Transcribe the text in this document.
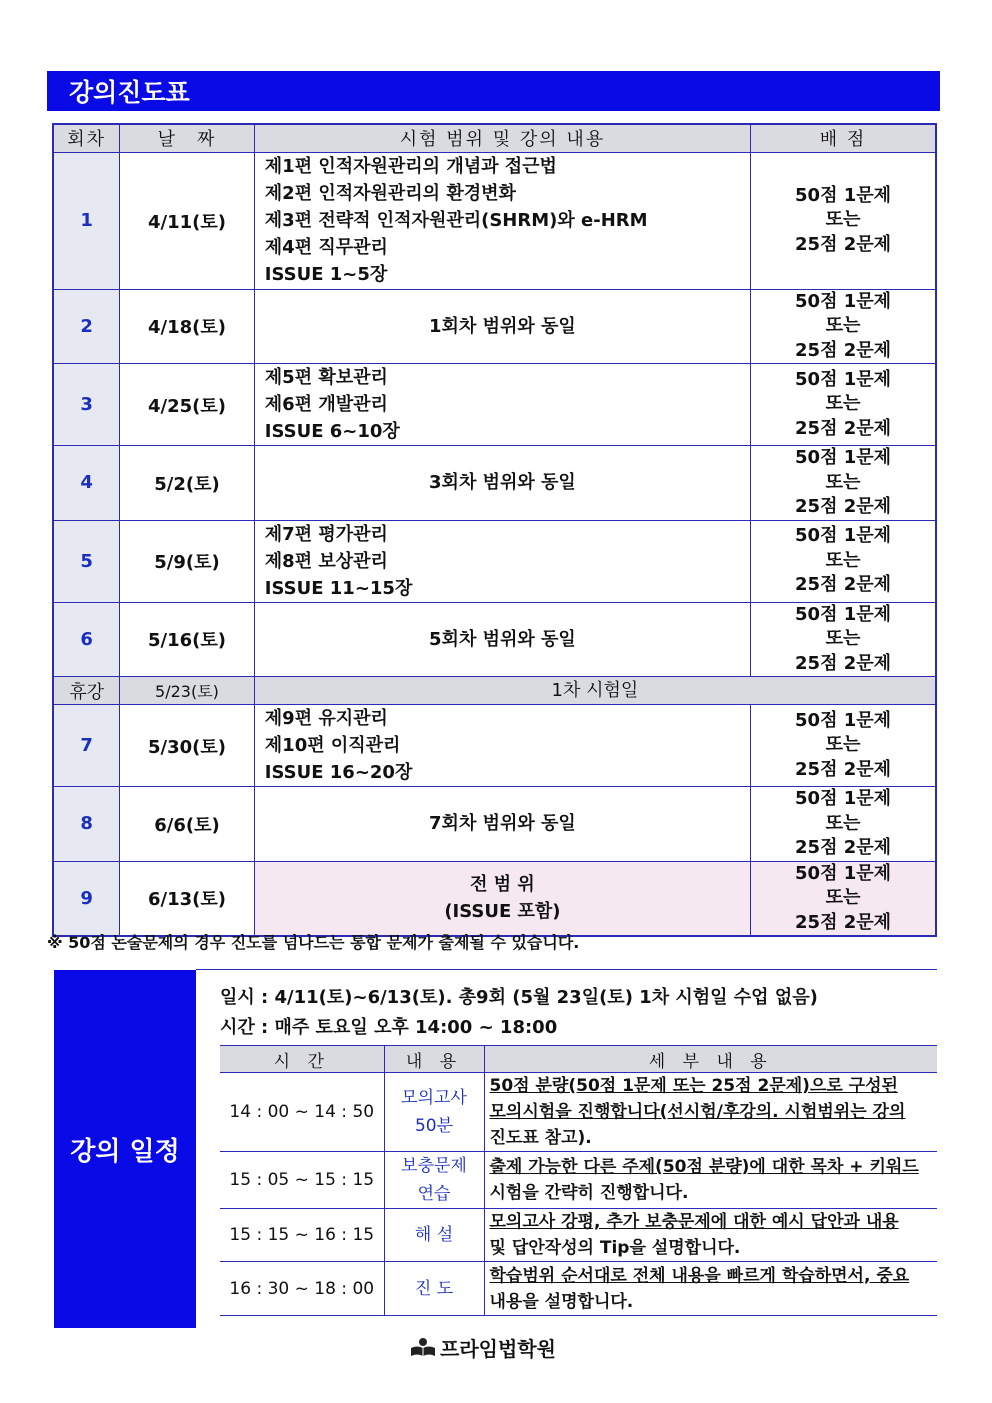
강의진도표
회차	날　짜	시험 범위 및 강의 내용	배 점
1	4/11(토)	제1편 인적자원관리의 개념과 접근법
제2편 인적자원관리의 환경변화
제3편 전략적 인적자원관리(SHRM)와 e-HRM
제4편 직무관리
ISSUE 1~5장	50점 1문제
또는
25점 2문제

2	4/18(토)	1회차 범위와 동일	50점 1문제
또는
25점 2문제

3	4/25(토)	제5편 확보관리
제6편 개발관리
ISSUE 6~10장	50점 1문제
또는
25점 2문제

4	5/2(토)	3회차 범위와 동일	50점 1문제
또는
25점 2문제

5	5/9(토)	제7편 평가관리
제8편 보상관리
ISSUE 11~15장	50점 1문제
또는
25점 2문제

6	5/16(토)	5회차 범위와 동일	50점 1문제
또는
25점 2문제

휴강	5/23(토)	1차 시험일	
7	5/30(토)	제9편 유지관리
제10편 이직관리
ISSUE 16~20장	50점 1문제
또는
25점 2문제

8	6/6(토)	7회차 범위와 동일	50점 1문제
또는
25점 2문제

9	6/13(토)	전 범 위
(ISSUE 포함)	50점 1문제
또는
25점 2문제
※ 50점 논술문제의 경우 진도를 넘나드는 통합 문제가 출제될 수 있습니다.
강의 일정
일시 : 4/11(토)~6/13(토). 총9회 (5월 23일(토) 1차 시험일 수업 없음)
시간 : 매주 토요일 오후 14:00 ~ 18:00
시 간	내 용	세 부 내 용
14 : 00 ~ 14 : 50	모의고사
50분	50점 분량(50점 1문제 또는 25점 2문제)으로 구성된
모의시험을 진행합니다(선시험/후강의. 시험범위는 강의
진도표 참고).

15 : 05 ~ 15 : 15	보충문제
연습	출제 가능한 다른 주제(50점 분량)에 대한 목차 + 키워드
시험을 간략히 진행합니다.

15 : 15 ~ 16 : 15	해 설	모의고사 강평, 추가 보충문제에 대한 예시 답안과 내용
및 답안작성의 Tip을 설명합니다.

16 : 30 ~ 18 : 00	진 도	학습범위 순서대로 전체 내용을 빠르게 학습하면서, 중요
내용을 설명합니다.
프라임법학원
